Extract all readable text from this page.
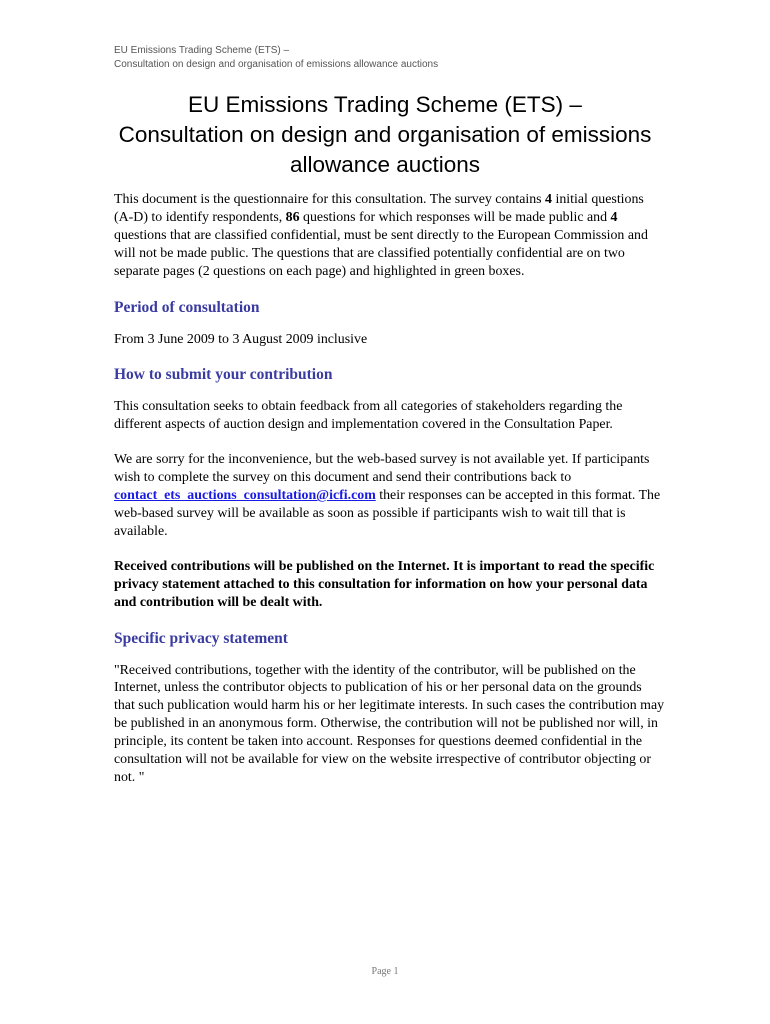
EU Emissions Trading Scheme (ETS) –
Consultation on design and organisation of emissions allowance auctions
EU Emissions Trading Scheme (ETS) –
Consultation on design and organisation of emissions
allowance auctions

This document is the questionnaire for this consultation. The survey contains 4 initial questions (A-D) to identify respondents, 86 questions for which responses will be made public and 4 questions that are classified confidential, must be sent directly to the European Commission and will not be made public. The questions that are classified potentially confidential are on two separate pages (2 questions on each page) and highlighted in green boxes.

Period of consultation

From 3 June 2009 to 3 August 2009 inclusive

How to submit your contribution

This consultation seeks to obtain feedback from all categories of stakeholders regarding the different aspects of auction design and implementation covered in the Consultation Paper.

We are sorry for the inconvenience, but the web-based survey is not available yet. If participants wish to complete the survey on this document and send their contributions back to contact_ets_auctions_consultation@icfi.com their responses can be accepted in this format. The web-based survey will be available as soon as possible if participants wish to wait till that is available.

Received contributions will be published on the Internet. It is important to read the specific privacy statement attached to this consultation for information on how your personal data and contribution will be dealt with.

Specific privacy statement

"Received contributions, together with the identity of the contributor, will be published on the Internet, unless the contributor objects to publication of his or her personal data on the grounds that such publication would harm his or her legitimate interests. In such cases the contribution may be published in an anonymous form. Otherwise, the contribution will not be published nor will, in principle, its content be taken into account. Responses for questions deemed confidential in the consultation will not be available for view on the website irrespective of contributor objecting or not. "

Page 1
